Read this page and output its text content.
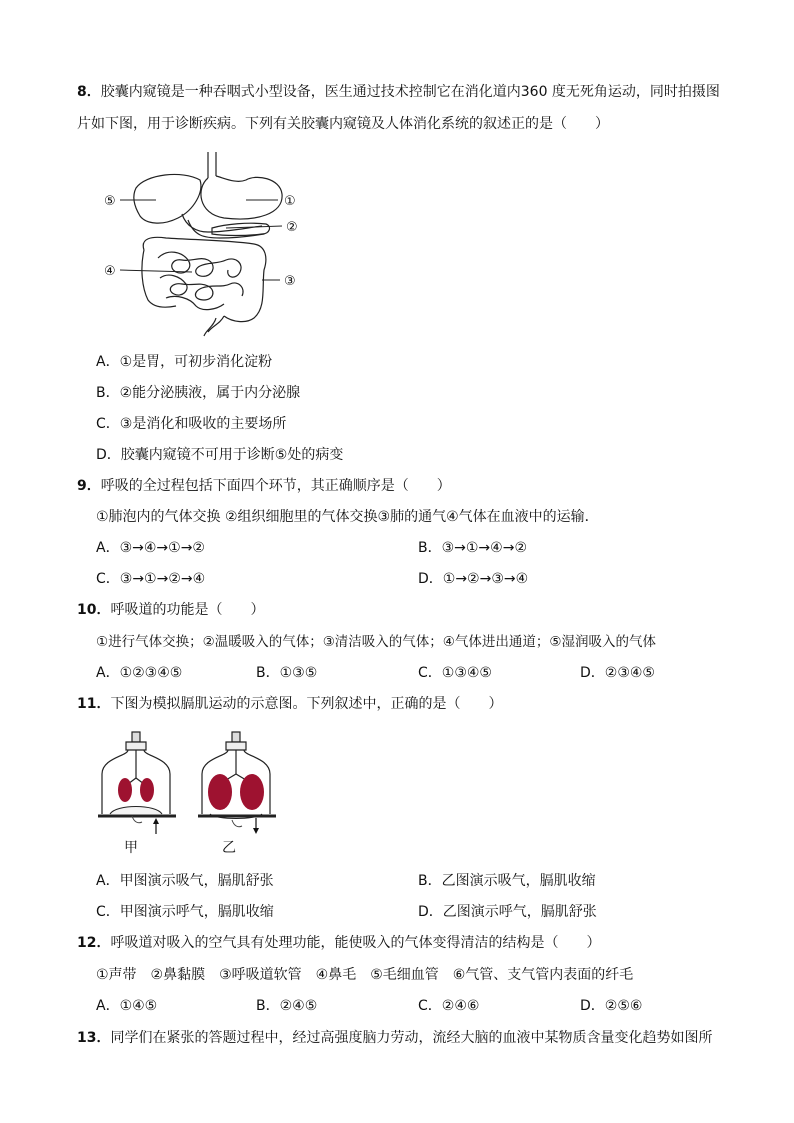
8．胶囊内窥镜是一种吞咽式小型设备，医生通过技术控制它在消化道内360 度无死角运动，同时拍摄图
片如下图，用于诊断疾病。下列有关胶囊内窥镜及人体消化系统的叙述正的是（　　）
⑤	①
②
④
③
A．①是胃，可初步消化淀粉
B．②能分泌胰液，属于内分泌腺
C．③是消化和吸收的主要场所
D．胶囊内窥镜不可用于诊断⑤处的病变
9．呼吸的全过程包括下面四个环节，其正确顺序是（　　）
①肺泡内的气体交换 ②组织细胞里的气体交换③肺的通气④气体在血液中的运输．
A．③→④→①→②	B．③→①→④→②
C．③→①→②→④	D．①→②→③→④
10．呼吸道的功能是（　　）
①进行气体交换；②温暖吸入的气体；③清洁吸入的气体；④气体进出通道；⑤湿润吸入的气体
A．①②③④⑤	B．①③⑤	C．①③④⑤	D．②③④⑤
11．下图为模拟膈肌运动的示意图。下列叙述中，正确的是（　　）
甲	乙
A．甲图演示吸气，膈肌舒张	B．乙图演示吸气，膈肌收缩
C．甲图演示呼气，膈肌收缩	D．乙图演示呼气，膈肌舒张
12．呼吸道对吸入的空气具有处理功能，能使吸入的气体变得清洁的结构是（　　）
①声带　②鼻黏膜　③呼吸道软管　④鼻毛　⑤毛细血管　⑥气管、支气管内表面的纤毛
A．①④⑤	B．②④⑤	C．②④⑥	D．②⑤⑥
13．同学们在紧张的答题过程中，经过高强度脑力劳动，流经大脑的血液中某物质含量变化趋势如图所
